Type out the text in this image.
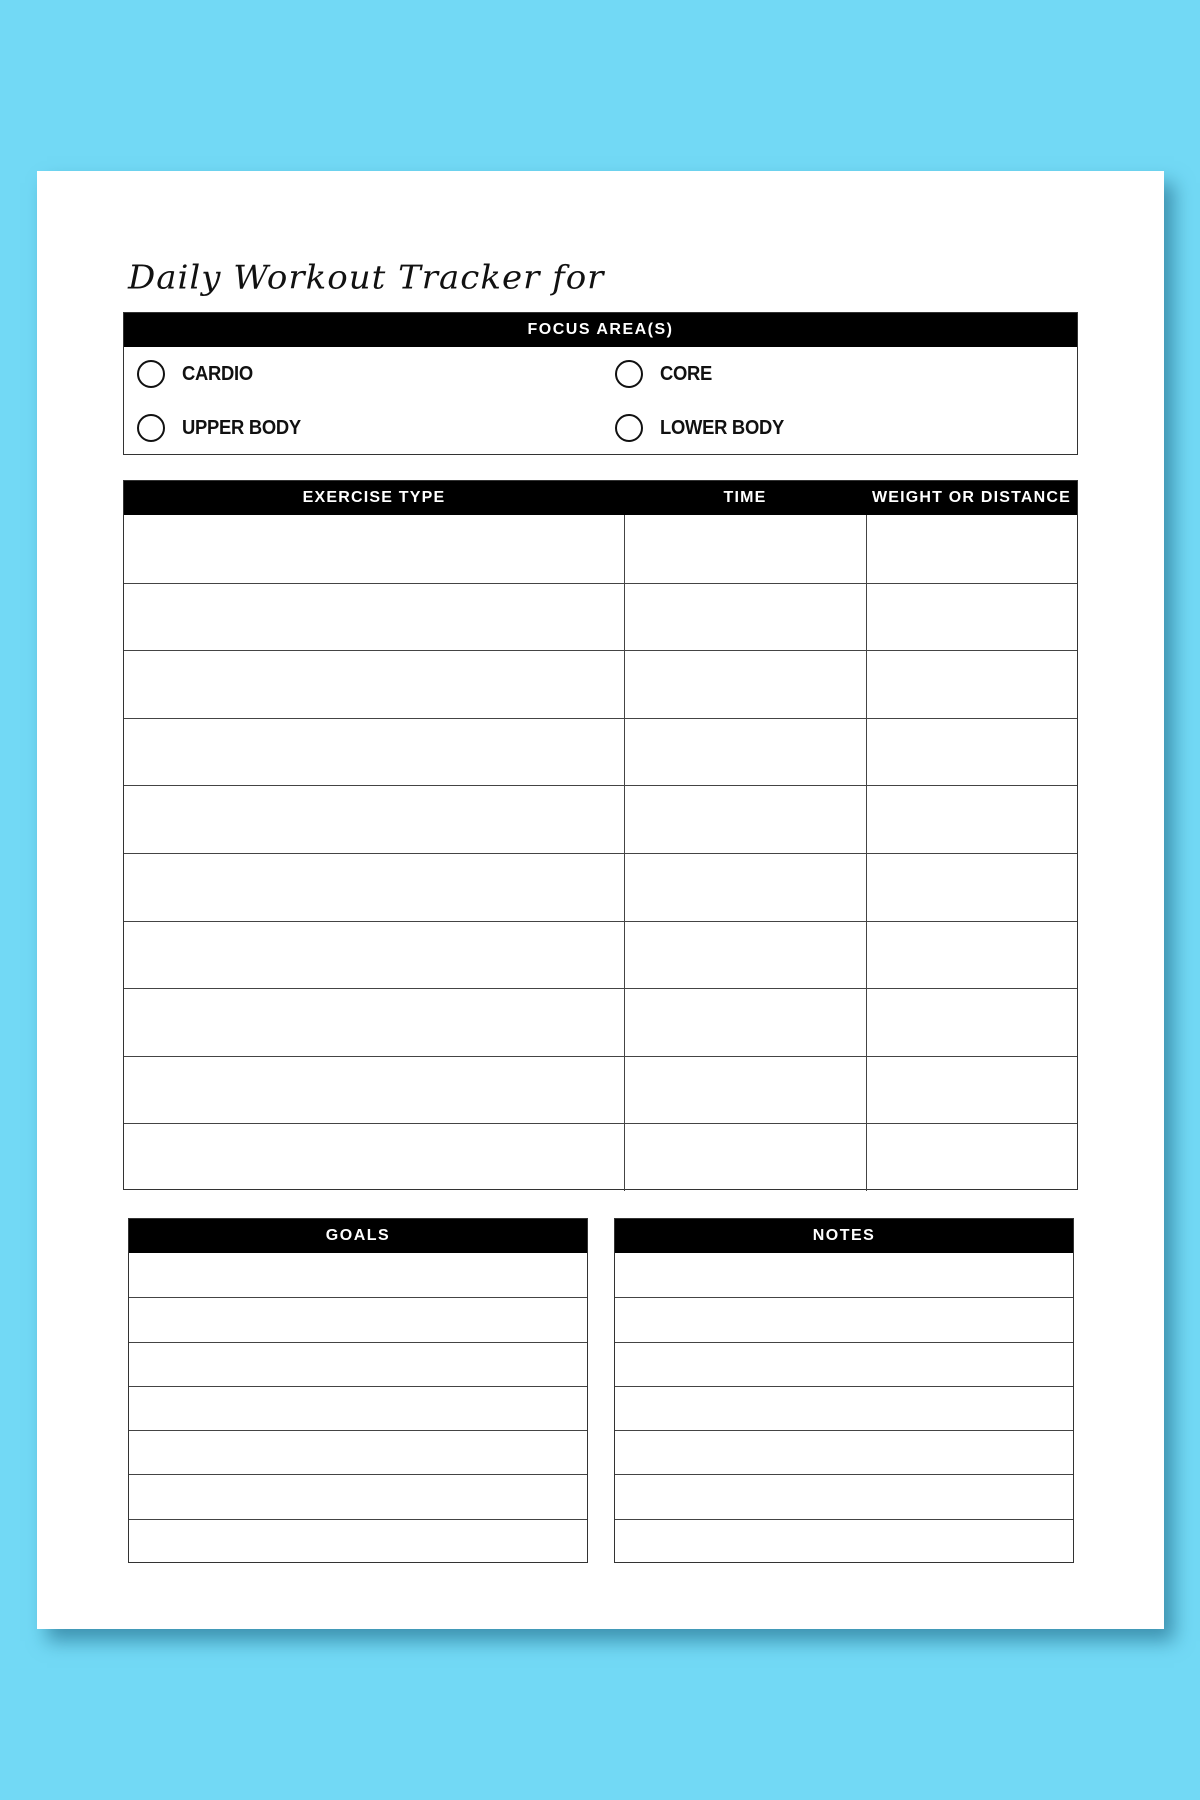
Daily Workout Tracker for
FOCUS AREA(S)
CARDIO	CORE
UPPER BODY	LOWER BODY
EXERCISE TYPE	TIME	WEIGHT OR DISTANCE
GOALS	NOTES
